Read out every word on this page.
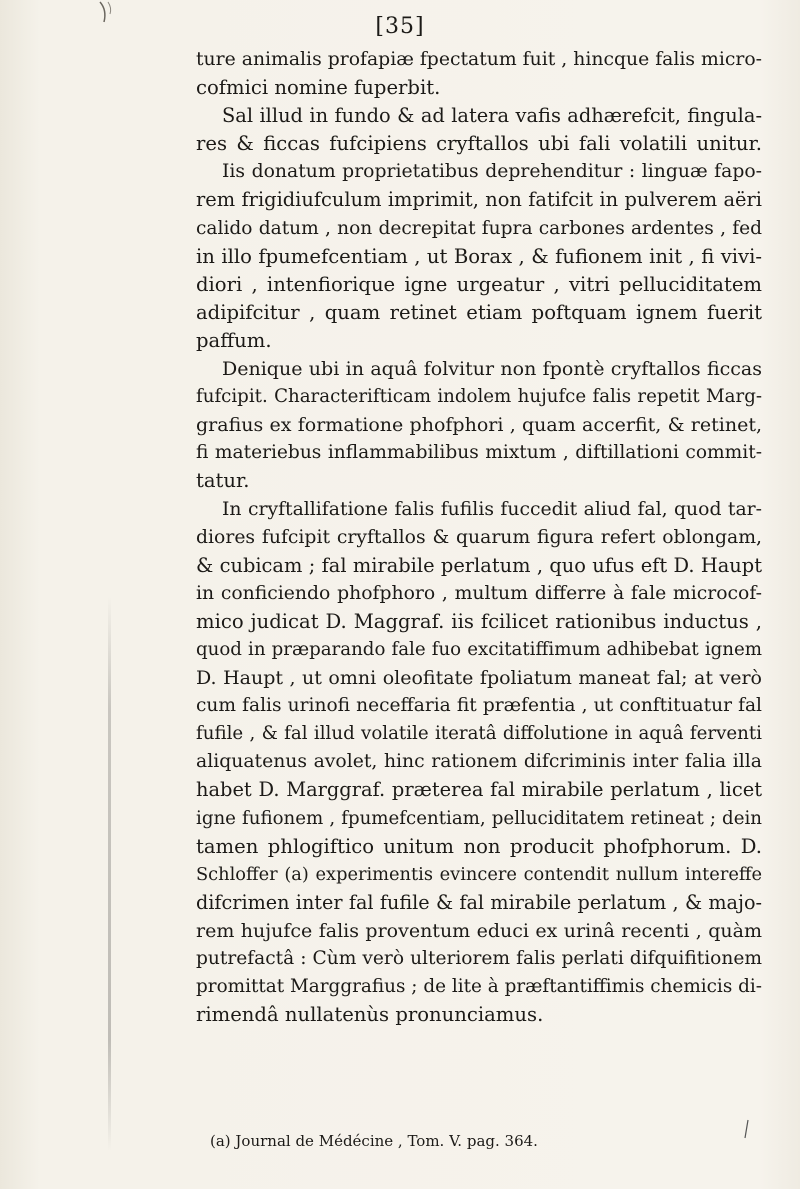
[35]
ture animalis profapiæ fpectatum fuit , hincque falis micro-
cofmici nomine fuperbit.
Sal illud in fundo & ad latera vafis adhærefcit, fingula-
res & ficcas fufcipiens cryftallos ubi fali volatili unitur.
Iis donatum proprietatibus deprehenditur : linguæ fapo-
rem frigidiufculum imprimit, non fatifcit in pulverem aëri
calido datum , non decrepitat fupra carbones ardentes , fed
in illo fpumefcentiam , ut Borax , & fufionem init , fi vivi-
diori , intenfiorique igne urgeatur , vitri pelluciditatem
adipifcitur , quam retinet etiam poftquam ignem fuerit
paffum.
Denique ubi in aquâ folvitur non fpontè cryftallos ficcas
fufcipit. Characterifticam indolem hujufce falis repetit Marg-
grafius ex formatione phofphori , quam accerfit, & retinet,
fi materiebus inflammabilibus mixtum , diftillationi commit-
tatur.
In cryftallifatione falis fufilis fuccedit aliud fal, quod tar-
diores fufcipit cryftallos & quarum figura refert oblongam,
& cubicam ; fal mirabile perlatum , quo ufus eft D. Haupt
in conficiendo phofphoro , multum differre à fale microcof-
mico judicat D. Maggraf. iis fcilicet rationibus inductus ,
quod in præparando fale fuo excitatiffimum adhibebat ignem
D. Haupt , ut omni oleofitate fpoliatum maneat fal; at verò
cum falis urinofi neceffaria fit præfentia , ut conftituatur fal
fufile , & fal illud volatile iteratâ diffolutione in aquâ ferventi
aliquatenus avolet, hinc rationem difcriminis inter falia illa
habet D. Marggraf. præterea fal mirabile perlatum , licet
igne fufionem , fpumefcentiam, pelluciditatem retineat ; dein
tamen phlogiftico unitum non producit phofphorum. D.
Schloffer (a) experimentis evincere contendit nullum intereffe
difcrimen inter fal fufile & fal mirabile perlatum , & majo-
rem hujufce falis proventum educi ex urinâ recenti , quàm
putrefactâ : Cùm verò ulteriorem falis perlati difquifitionem
promittat Marggrafius ; de lite à præftantiffimis chemicis di-
rimendâ nullatenùs pronunciamus.
(a) Journal de Médécine , Tom. V. pag. 364.
